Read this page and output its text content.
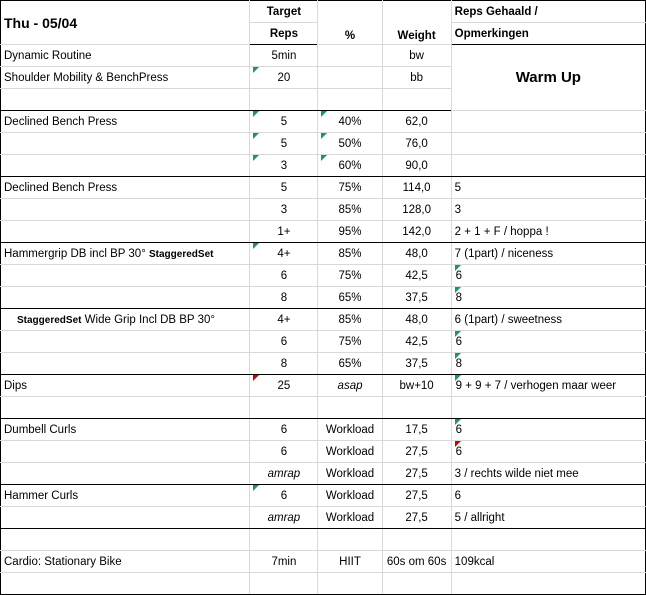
Thu - 05/04	Target	%	Weight	Reps Gehaald /
	Reps			Opmerkingen
Dynamic Routine	5min		bw	Warm Up
Shoulder Mobility & BenchPress	20		bb	

Declined Bench Press	5	40%	62,0	

	5	50%	76,0	

	3	60%	90,0	
Declined Bench Press	5	75%	114,0	5
	3	85%	128,0	3
	1+	95%	142,0	2 + 1 + F / hoppa !
Hammergrip DB incl BP 30° StaggeredSet	4+	85%	48,0	7 (1part) / niceness
	6	75%	42,5	6

	8	65%	37,5	8

StaggeredSet Wide Grip Incl DB BP 30°	4+	85%	48,0	6 (1part) / sweetness
	6	75%	42,5	6

	8	65%	37,5	8

Dips	25	asap	bw+10	9 + 9 + 7 / verhogen maar weer

Dumbell Curls	6	Workload	17,5	6

	6	Workload	27,5	6

	amrap	Workload	27,5	3 / rechts wilde niet mee
Hammer Curls	6	Workload	27,5	6
	amrap	Workload	27,5	5 / allright

Cardio: Stationary Bike	7min	HIIT	60s om 60s	109kcal
